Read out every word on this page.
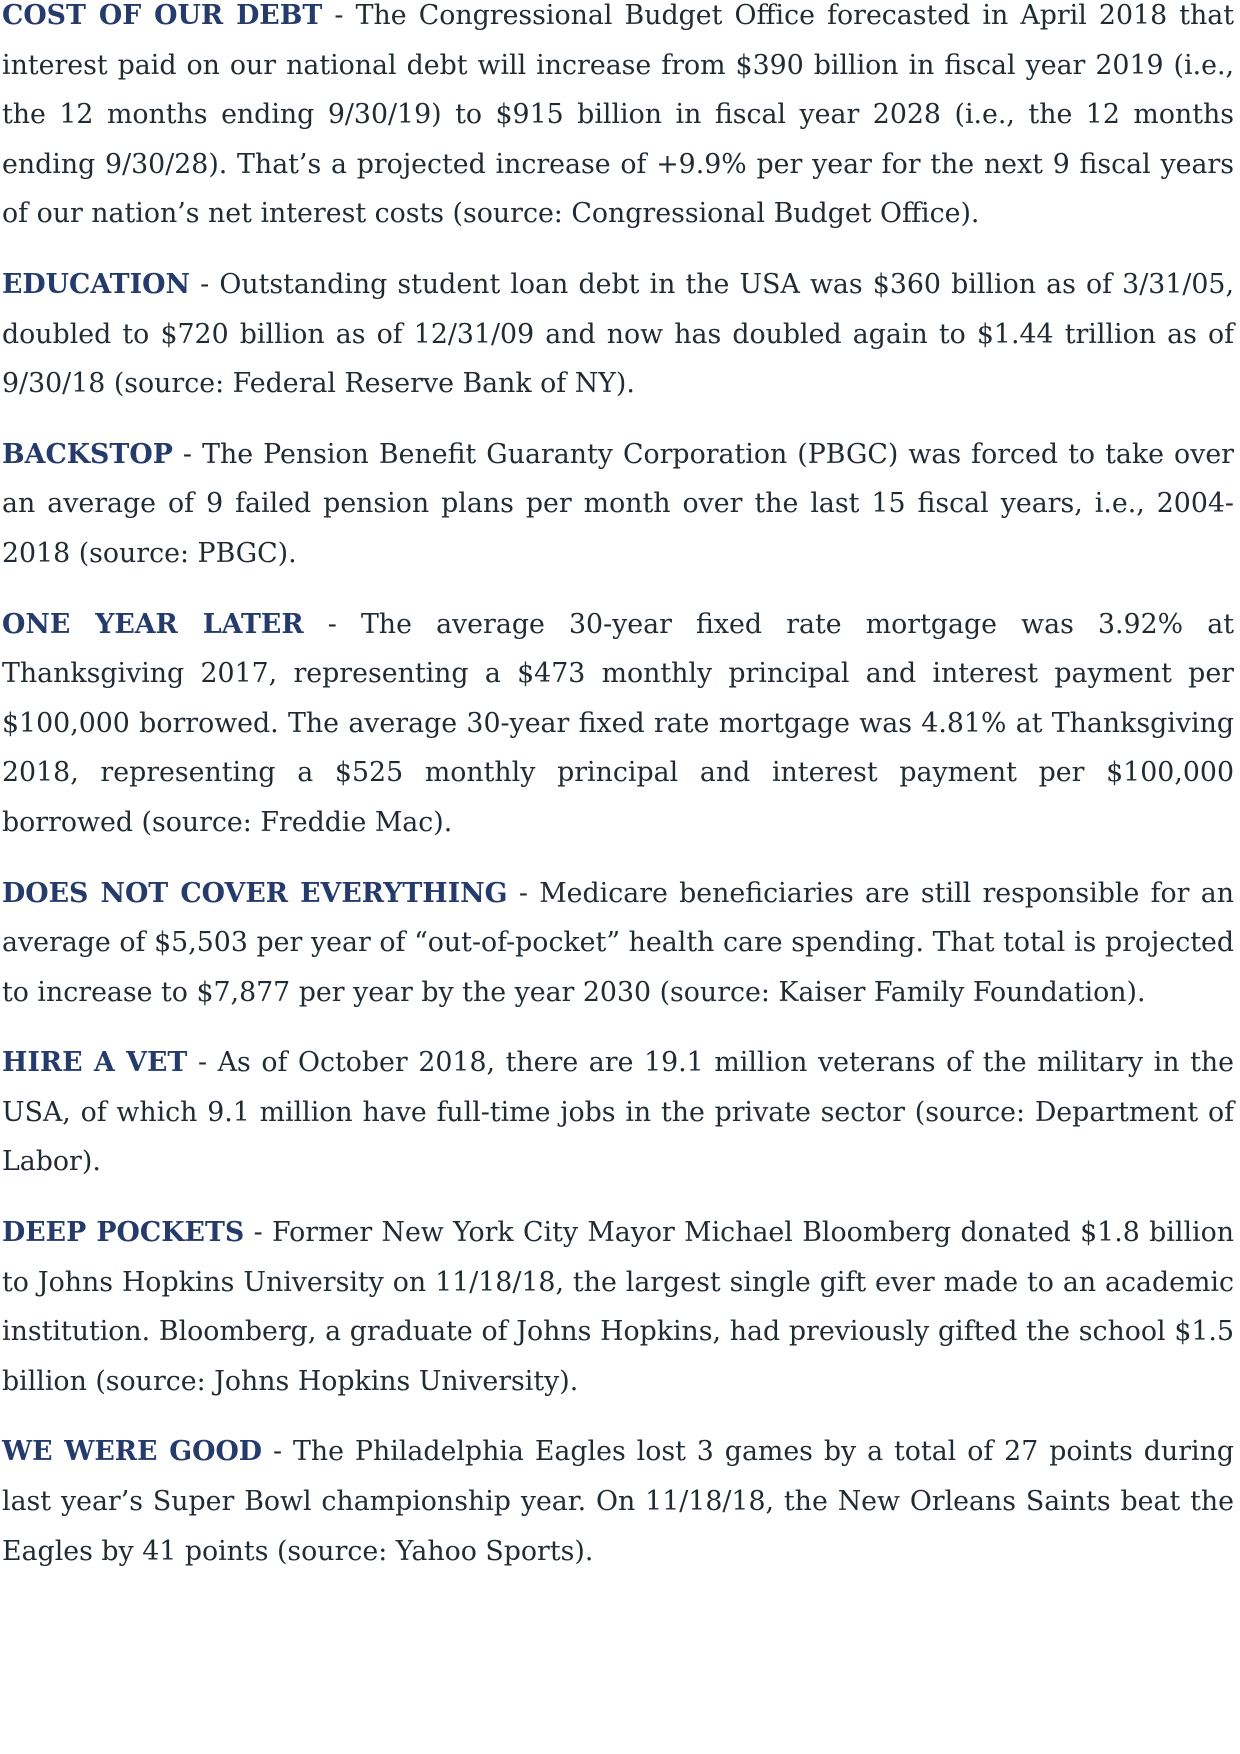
COST OF OUR DEBT - The Congressional Budget Office forecasted in April 2018 that interest paid on our national debt will increase from $390 billion in fiscal year 2019 (i.e., the 12 months ending 9/30/19) to $915 billion in fiscal year 2028 (i.e., the 12 months ending 9/30/28). That’s a projected increase of +9.9% per year for the next 9 fiscal years of our nation’s net interest costs (source: Congressional Budget Office).

EDUCATION - Outstanding student loan debt in the USA was $360 billion as of 3/31/05, doubled to $720 billion as of 12/31/09 and now has doubled again to $1.44 trillion as of 9/30/18 (source: Federal Reserve Bank of NY).

BACKSTOP - The Pension Benefit Guaranty Corporation (PBGC) was forced to take over an average of 9 failed pension plans per month over the last 15 fiscal years, i.e., 2004-2018 (source: PBGC).

ONE YEAR LATER - The average 30-year fixed rate mortgage was 3.92% at Thanksgiving 2017, representing a $473 monthly principal and interest payment per $100,000 borrowed. The average 30-year fixed rate mortgage was 4.81% at Thanksgiving 2018, representing a $525 monthly principal and interest payment per $100,000 borrowed (source: Freddie Mac).

DOES NOT COVER EVERYTHING - Medicare beneficiaries are still responsible for an average of $5,503 per year of “out-of-pocket” health care spending. That total is projected to increase to $7,877 per year by the year 2030 (source: Kaiser Family Foundation).

HIRE A VET - As of October 2018, there are 19.1 million veterans of the military in the USA, of which 9.1 million have full-time jobs in the private sector (source: Department of Labor).

DEEP POCKETS - Former New York City Mayor Michael Bloomberg donated $1.8 billion to Johns Hopkins University on 11/18/18, the largest single gift ever made to an academic institution. Bloomberg, a graduate of Johns Hopkins, had previously gifted the school $1.5 billion (source: Johns Hopkins University).

WE WERE GOOD - The Philadelphia Eagles lost 3 games by a total of 27 points during last year’s Super Bowl championship year. On 11/18/18, the New Orleans Saints beat the Eagles by 41 points (source: Yahoo Sports).
